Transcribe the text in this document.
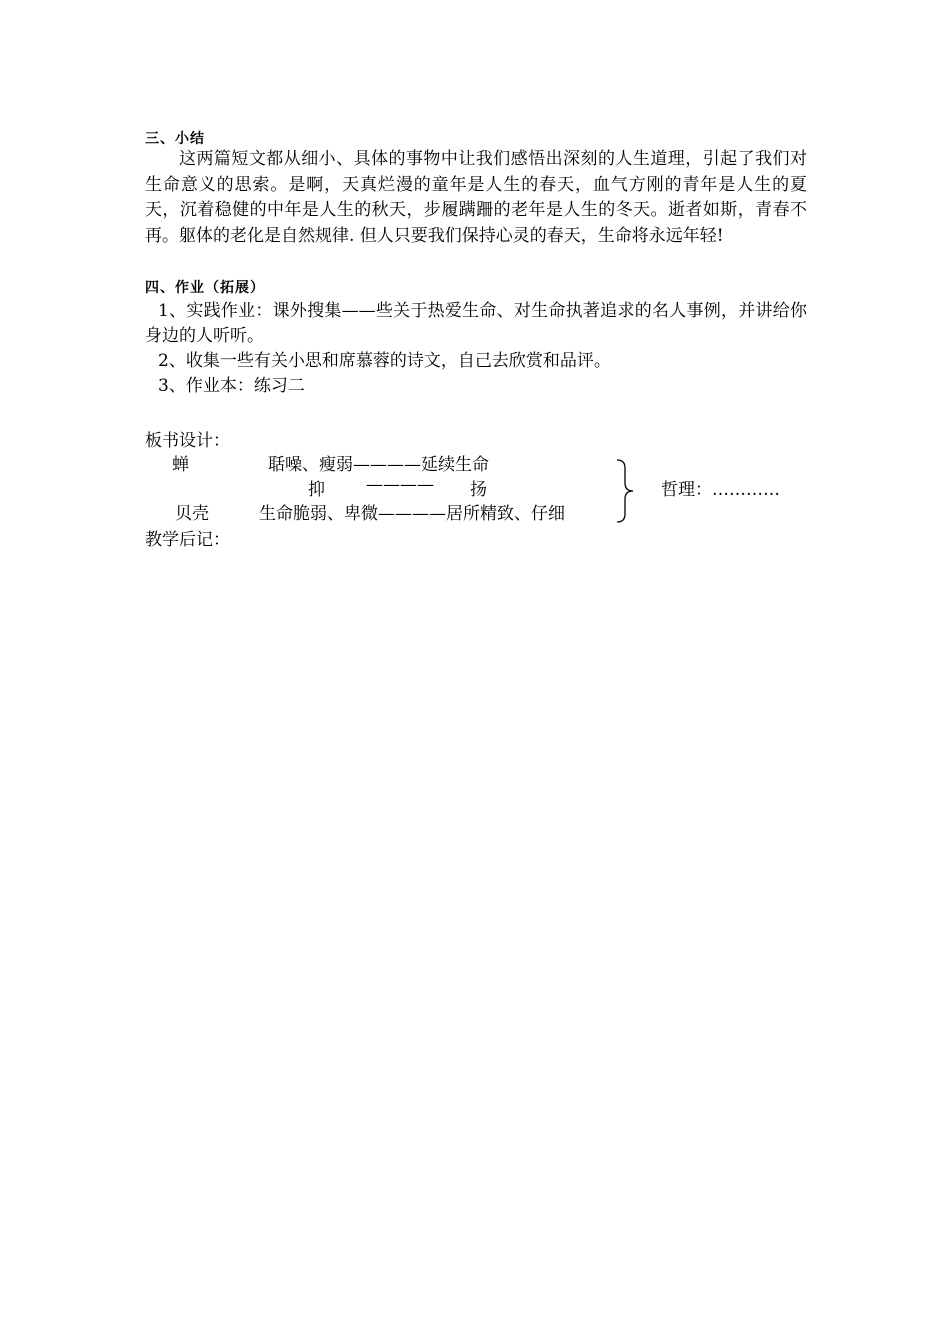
三、小结
这两篇短文都从细小、具体的事物中让我们感悟出深刻的人生道理，引起了我们对生命意义的思索。是啊，天真烂漫的童年是人生的春天，血气方刚的青年是人生的夏天，沉着稳健的中年是人生的秋天，步履蹒跚的老年是人生的冬天。逝者如斯，青春不再。躯体的老化是自然规律. 但人只要我们保持心灵的春天，生命将永远年轻!
四、作业（拓展）
1、实践作业：课外搜集——些关于热爱生命、对生命执著追求的名人事例，并讲给你身边的人听听。
2、收集一些有关小思和席慕蓉的诗文，自己去欣赏和品评。
3、作业本：练习二
板书设计：
蝉	聒噪、瘦弱————延续生命
抑 ———— 扬
贝壳	生命脆弱、卑微————居所精致、仔细
哲理：…………
教学后记：
